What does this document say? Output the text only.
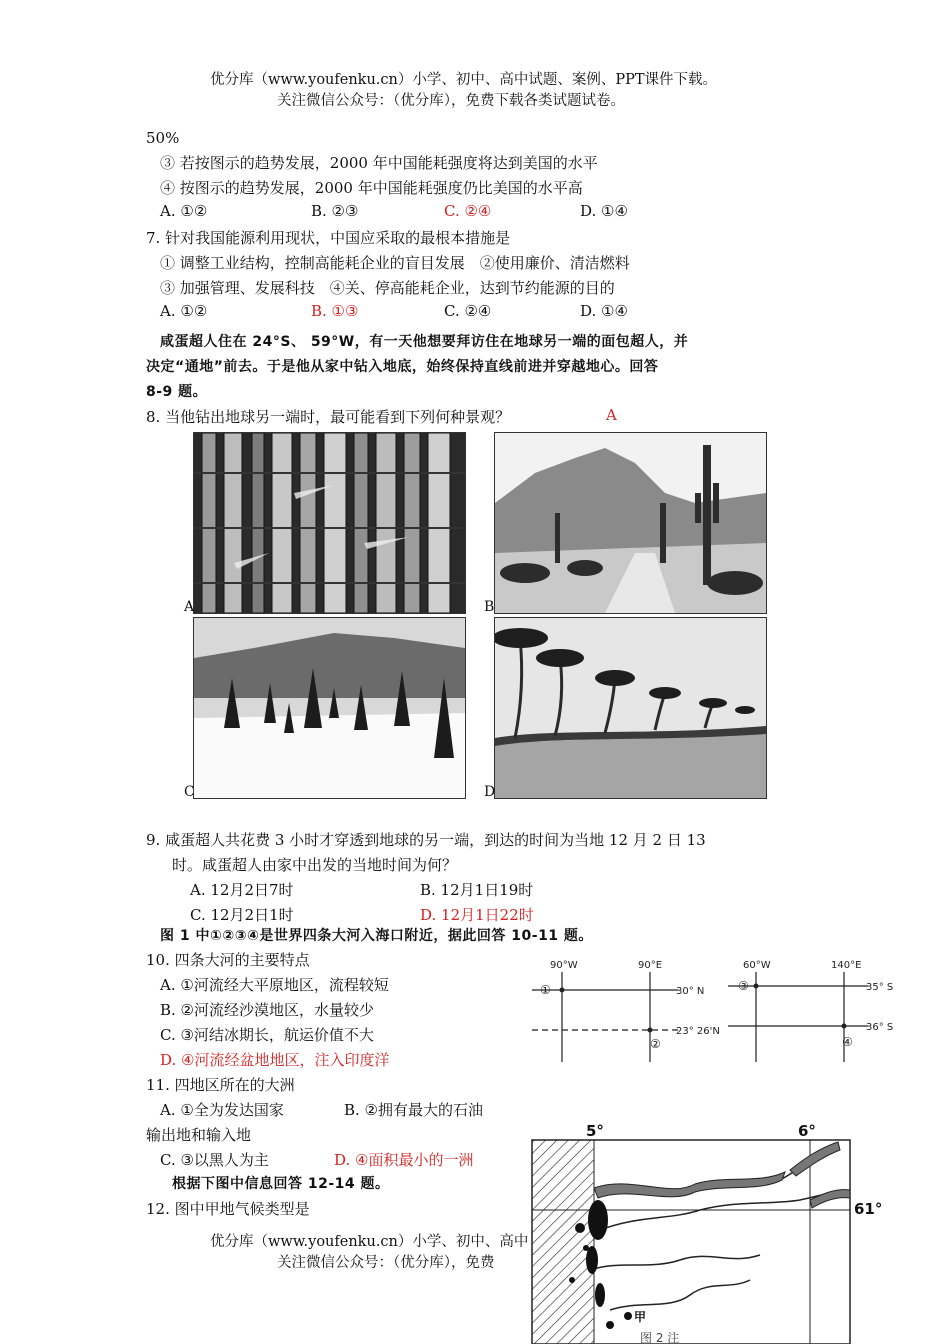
优分库（www.youfenku.cn）小学、初中、高中试题、案例、PPT课件下载。
关注微信公众号：（优分库），免费下载各类试题试卷。
50%
③ 若按图示的趋势发展，2000 年中国能耗强度将达到美国的水平
④ 按图示的趋势发展，2000 年中国能耗强度仍比美国的水平高
A. ①②	B. ②③	C. ②④	D. ①④
7. 针对我国能源利用现状，中国应采取的最根本措施是
① 调整工业结构，控制高能耗企业的盲目发展　②使用廉价、清洁燃料
③ 加强管理、发展科技　④关、停高能耗企业，达到节约能源的目的
A. ①②	B. ①③	C. ②④	D. ①④
咸蛋超人住在 24°S、 59°W，有一天他想要拜访住在地球另一端的面包超人，并
决定“通地”前去。于是他从家中钻入地底，始终保持直线前进并穿越地心。回答
8-9 题。
8. 当他钻出地球另一端时，最可能看到下列何种景观？	A
A	B
C	D
9. 咸蛋超人共花费 3 小时才穿透到地球的另一端，到达的时间为当地 12 月 2 日 13
时。咸蛋超人由家中出发的当地时间为何？
A. 12月2日7时	B. 12月1日19时
C. 12月2日1时	D. 12月1日22时
图 1 中①②③④是世界四条大河入海口附近，据此回答 10-11 题。
10. 四条大河的主要特点
A. ①河流经大平原地区，流程较短
B. ②河流经沙漠地区，水量较少
C. ③河结冰期长，航运价值不大
D. ④河流经盆地地区，注入印度洋
11. 四地区所在的大洲
A. ①全为发达国家	B. ②拥有最大的石油
输出地和输入地
C. ③以黑人为主	D. ④面积最小的一洲
根据下图中信息回答 12-14 题。
12. 图中甲地气候类型是
优分库（www.youfenku.cn）小学、初中、高中
关注微信公众号：（优分库），免费
90°W	90°E
30° N
23° 26'N
60°W	140°E
35° S
36° S
①
②
③
④
5°	6°
61°
甲
图 2 注
